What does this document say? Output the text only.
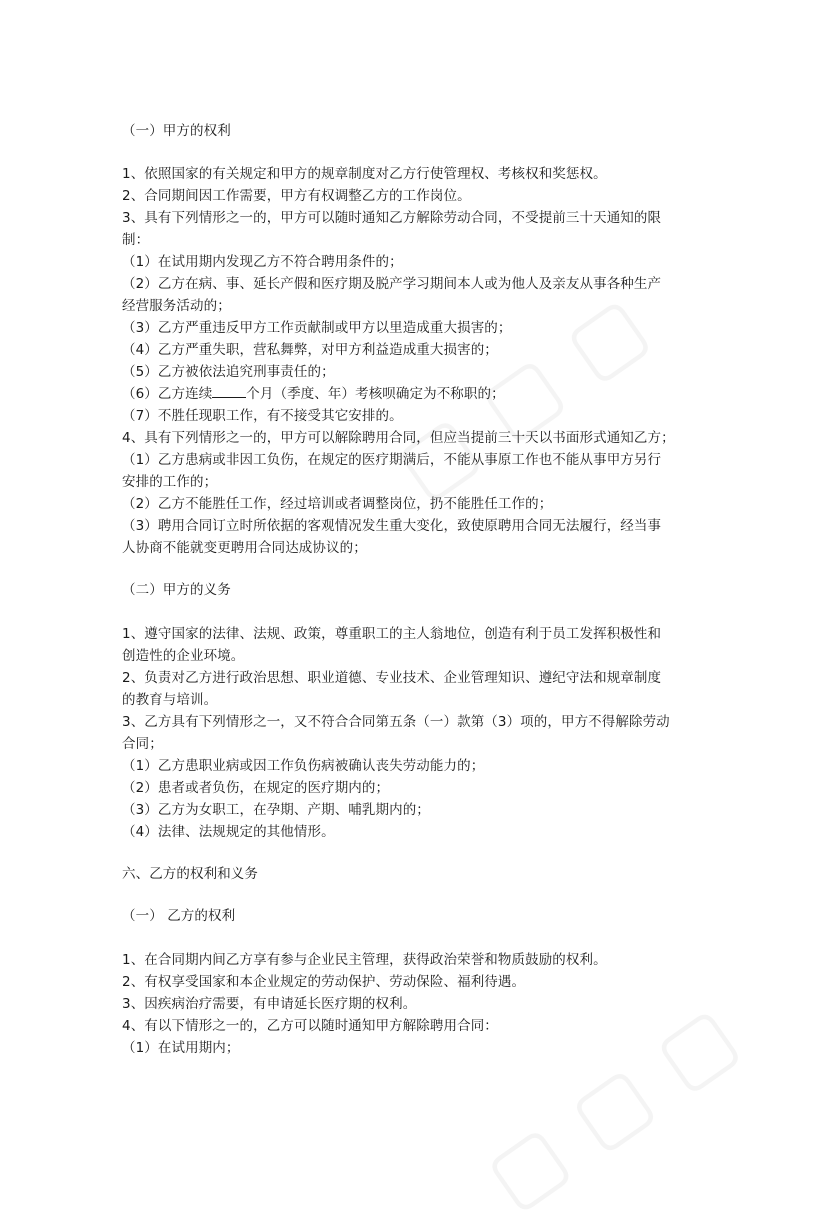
（一）甲方的权利
1、依照国家的有关规定和甲方的规章制度对乙方行使管理权、考核权和奖惩权。
2、合同期间因工作需要，甲方有权调整乙方的工作岗位。
3、具有下列情形之一的，甲方可以随时通知乙方解除劳动合同，不受提前三十天通知的限
制：
（1）在试用期内发现乙方不符合聘用条件的；
（2）乙方在病、事、延长产假和医疗期及脱产学习期间本人或为他人及亲友从事各种生产
经营服务活动的；
（3）乙方严重违反甲方工作贡献制或甲方以里造成重大损害的；
（4）乙方严重失职，营私舞弊，对甲方利益造成重大损害的；
（5）乙方被依法追究刑事责任的；
（6）乙方连续	个月（季度、年）考核呗确定为不称职的；
（7）不胜任现职工作，有不接受其它安排的。
4、具有下列情形之一的，甲方可以解除聘用合同，但应当提前三十天以书面形式通知乙方；
（1）乙方患病或非因工负伤，在规定的医疗期满后，不能从事原工作也不能从事甲方另行
安排的工作的；
（2）乙方不能胜任工作，经过培训或者调整岗位，扔不能胜任工作的；
（3）聘用合同订立时所依据的客观情况发生重大变化，致使原聘用合同无法履行，经当事
人协商不能就变更聘用合同达成协议的；
（二）甲方的义务
1、遵守国家的法律、法规、政策，尊重职工的主人翁地位，创造有利于员工发挥积极性和
创造性的企业环境。
2、负责对乙方进行政治思想、职业道德、专业技术、企业管理知识、遵纪守法和规章制度
的教育与培训。
3、乙方具有下列情形之一，又不符合合同第五条（一）款第（3）项的，甲方不得解除劳动
合同；
（1）乙方患职业病或因工作负伤病被确认丧失劳动能力的；
（2）患者或者负伤，在规定的医疗期内的；
（3）乙方为女职工，在孕期、产期、哺乳期内的；
（4）法律、法规规定的其他情形。
六、乙方的权利和义务
（一） 乙方的权利
1、在合同期内间乙方享有参与企业民主管理，获得政治荣誉和物质鼓励的权利。
2、有权享受国家和本企业规定的劳动保护、劳动保险、福利待遇。
3、因疾病治疗需要，有申请延长医疗期的权利。
4、有以下情形之一的，乙方可以随时通知甲方解除聘用合同：
（1）在试用期内；
